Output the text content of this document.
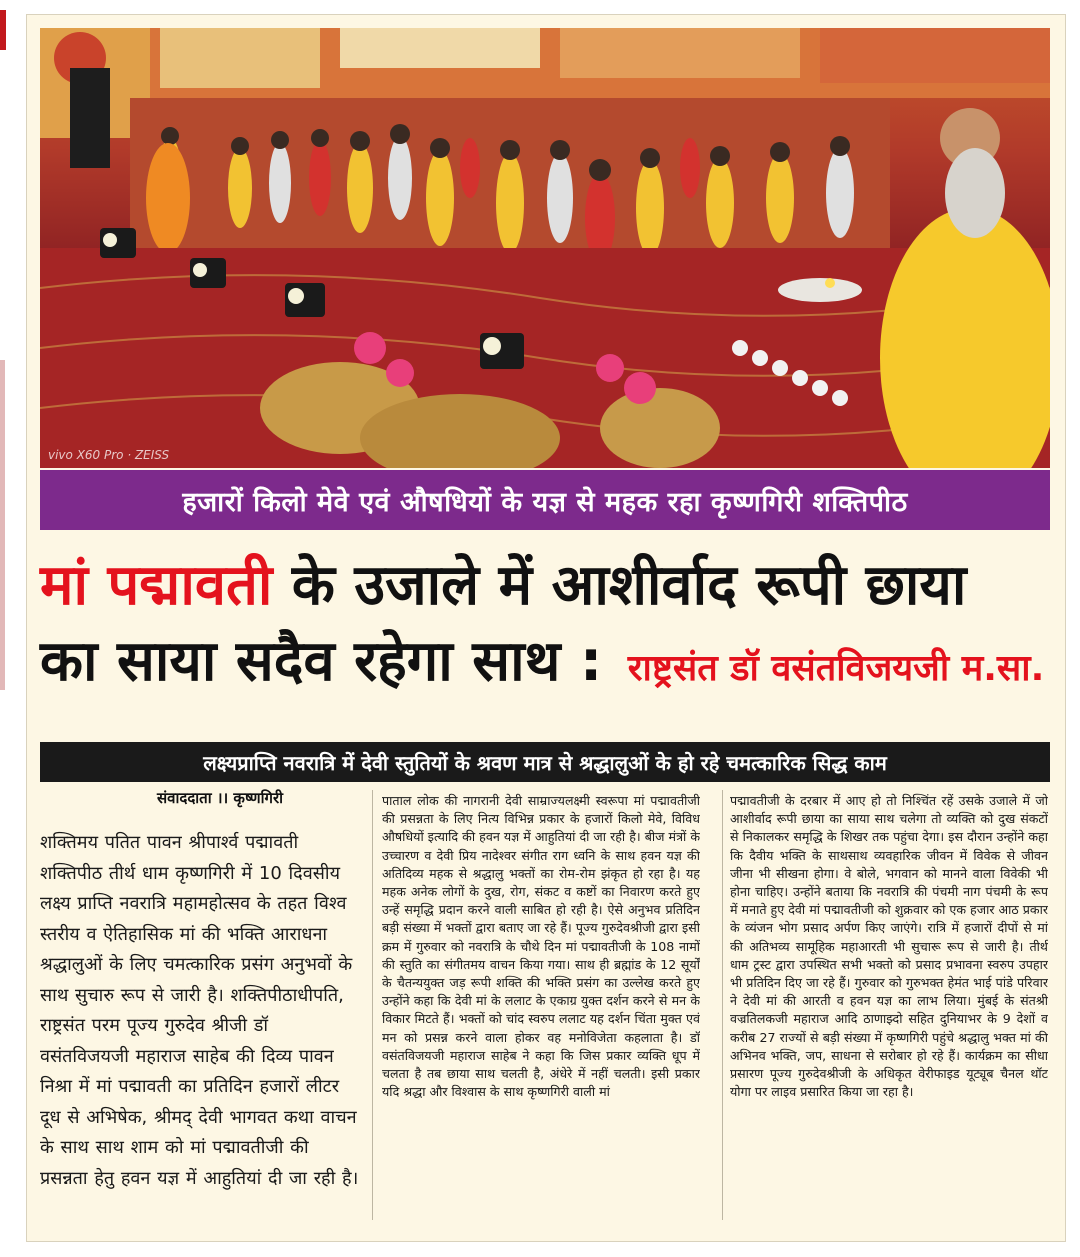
vivo X60 Pro · ZEISS
हजारों किलो मेवे एवं औषधियों के यज्ञ से महक रहा कृष्णगिरी शक्तिपीठ
मां पद्मावती के उजाले में आशीर्वाद रूपी छाया
का साया सदैव रहेगा साथ : राष्ट्रसंत डॉ वसंतविजयजी म.सा.
लक्ष्यप्राप्ति नवरात्रि में देवी स्तुतियों के श्रवण मात्र से श्रद्धालुओं के हो रहे चमत्कारिक सिद्ध काम
संवाददाता ।। कृष्णगिरी

शक्तिमय पतित पावन श्रीपार्श्व पद्मावती शक्तिपीठ तीर्थ धाम कृष्णगिरी में 10 दिवसीय लक्ष्य प्राप्ति नवरात्रि महामहोत्सव के तहत विश्व स्तरीय व ऐतिहासिक मां की भक्ति आराधना श्रद्धालुओं के लिए चमत्कारिक प्रसंग अनुभवों के साथ सुचारु रूप से जारी है। शक्तिपीठाधीपति, राष्ट्रसंत परम पूज्य गुरुदेव श्रीजी डॉ वसंतविजयजी महाराज साहेब की दिव्य पावन निश्रा में मां पद्मावती का प्रतिदिन हजारों लीटर दूध से अभिषेक, श्रीमद् देवी भागवत कथा वाचन के साथ साथ शाम को मां पद्मावतीजी की प्रसन्नता हेतु हवन यज्ञ में आहुतियां दी जा रही है।

पाताल लोक की नागरानी देवी साम्राज्यलक्ष्मी स्वरूपा मां पद्मावतीजी की प्रसन्नता के लिए नित्य विभिन्न प्रकार के हजारों किलो मेवे, विविध औषधियों इत्यादि की हवन यज्ञ में आहुतियां दी जा रही है। बीज मंत्रों के उच्चारण व देवी प्रिय नादेश्वर संगीत राग ध्वनि के साथ हवन यज्ञ की अतिदिव्य महक से श्रद्धालु भक्तों का रोम-रोम झंकृत हो रहा है। यह महक अनेक लोगों के दुख, रोग, संकट व कष्टों का निवारण करते हुए उन्हें समृद्धि प्रदान करने वाली साबित हो रही है। ऐसे अनुभव प्रतिदिन बड़ी संख्या में भक्तों द्वारा बताए जा रहे हैं। पूज्य गुरुदेवश्रीजी द्वारा इसी क्रम में गुरुवार को नवरात्रि के चौथे दिन मां पद्मावतीजी के 108 नामों की स्तुति का संगीतमय वाचन किया गया। साथ ही ब्रह्मांड के 12 सूर्यों के चैतन्ययुक्त जड़ रूपी शक्ति की भक्ति प्रसंग का उल्लेख करते हुए उन्होंने कहा कि देवी मां के ललाट के एकाग्र युक्त दर्शन करने से मन के विकार मिटते हैं। भक्तों को चांद स्वरुप ललाट यह दर्शन चिंता मुक्त एवं मन को प्रसन्न करने वाला होकर वह मनोविजेता कहलाता है। डॉ वसंतविजयजी महाराज साहेब ने कहा कि जिस प्रकार व्यक्ति धूप में चलता है तब छाया साथ चलती है, अंधेरे में नहीं चलती। इसी प्रकार यदि श्रद्धा और विश्वास के साथ कृष्णगिरी वाली मां

पद्मावतीजी के दरबार में आए हो तो निश्चिंत रहें उसके उजाले में जो आशीर्वाद रूपी छाया का साया साथ चलेगा तो व्यक्ति को दुख संकटों से निकालकर समृद्धि के शिखर तक पहुंचा देगा। इस दौरान उन्होंने कहा कि दैवीय भक्ति के साथसाथ व्यवहारिक जीवन में विवेक से जीवन जीना भी सीखना होगा। वे बोले, भगवान को मानने वाला विवेकी भी होना चाहिए। उन्होंने बताया कि नवरात्रि की पंचमी नाग पंचमी के रूप में मनाते हुए देवी मां पद्मावतीजी को शुक्रवार को एक हजार आठ प्रकार के व्यंजन भोग प्रसाद अर्पण किए जाएंगे। रात्रि में हजारों दीपों से मां की अतिभव्य सामूहिक महाआरती भी सुचारू रूप से जारी है। तीर्थ धाम ट्रस्ट द्वारा उपस्थित सभी भक्तो को प्रसाद प्रभावना स्वरुप उपहार भी प्रतिदिन दिए जा रहे हैं। गुरुवार को गुरुभक्त हेमंत भाई पांडे परिवार ने देवी मां की आरती व हवन यज्ञ का लाभ लिया। मुंबई के संतश्री वज्रतिलकजी महाराज आदि ठाणाझ्दो सहित दुनियाभर के 9 देशों व करीब 27 राज्यों से बड़ी संख्या में कृष्णगिरी पहुंचे श्रद्धालु भक्त मां की अभिनव भक्ति, जप, साधना से सरोबार हो रहे हैं। कार्यक्रम का सीधा प्रसारण पूज्य गुरुदेवश्रीजी के अधिकृत वेरीफाइड यूट्यूब चैनल थॉट योगा पर लाइव प्रसारित किया जा रहा है।
